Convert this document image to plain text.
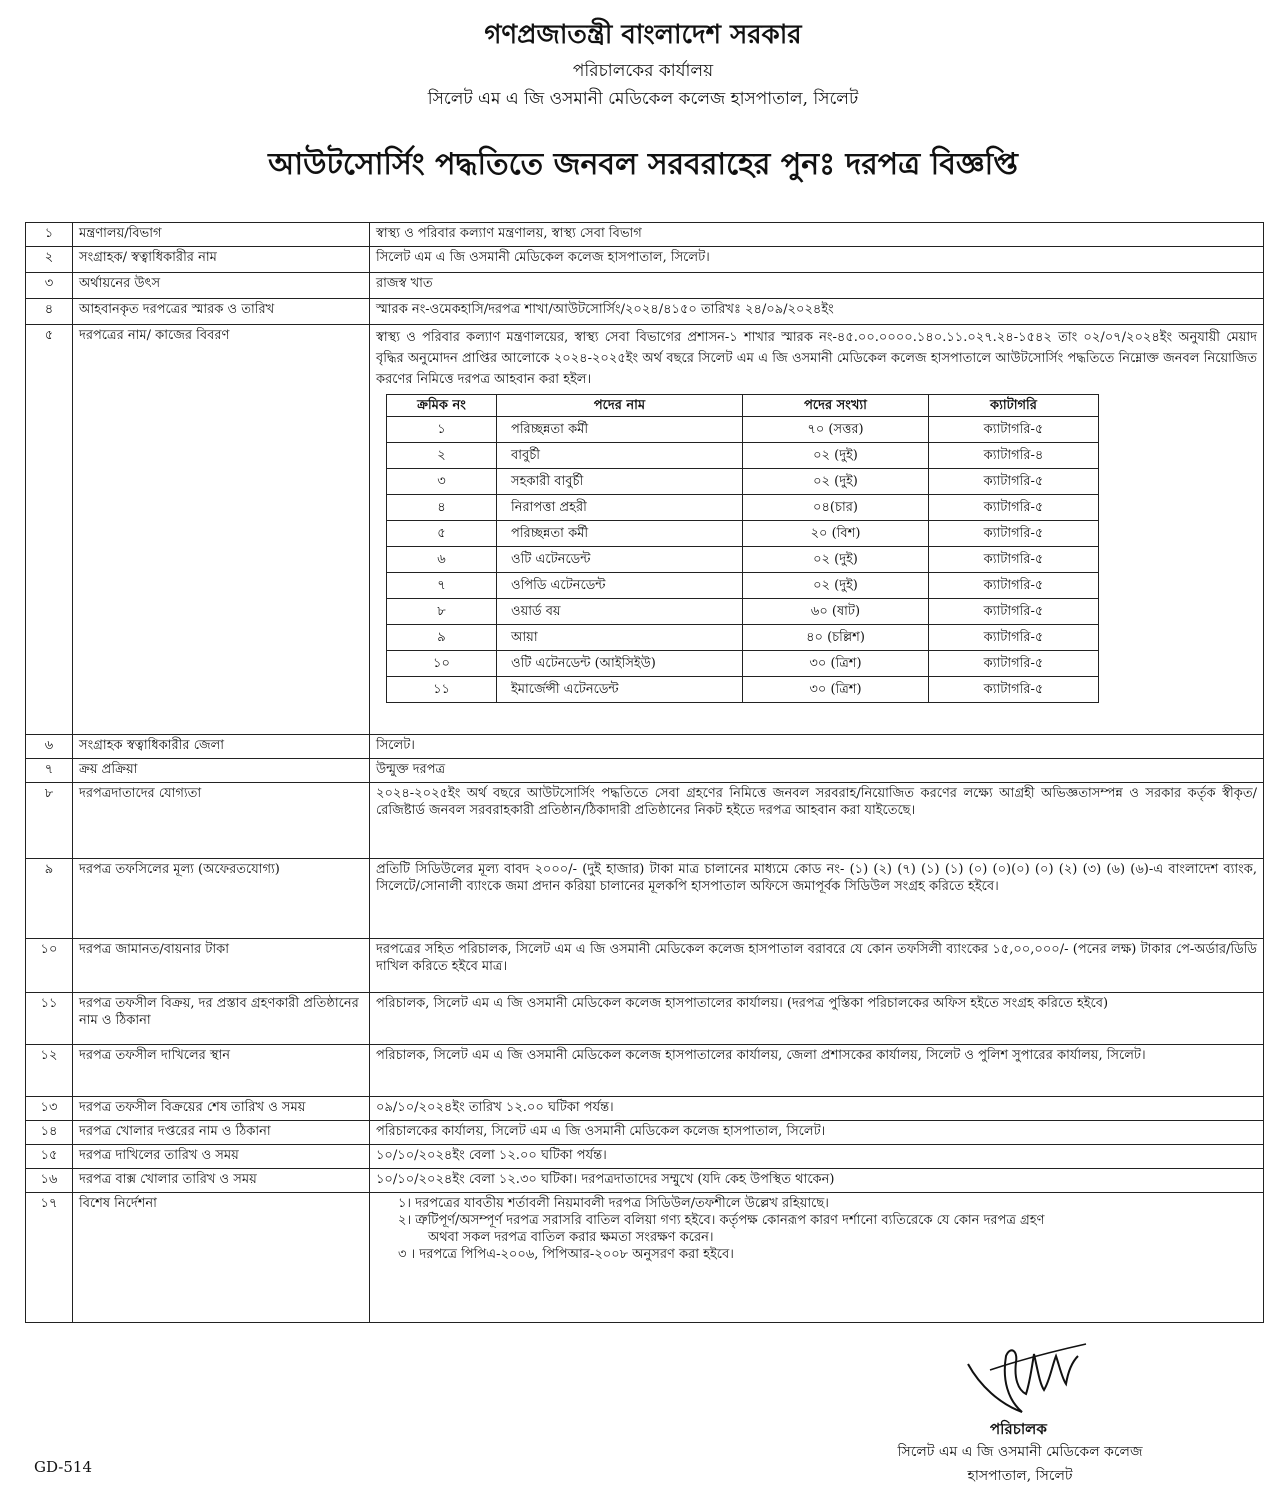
গণপ্রজাতন্ত্রী বাংলাদেশ সরকার
পরিচালকের কার্যালয়
সিলেট এম এ জি ওসমানী মেডিকেল কলেজ হাসপাতাল, সিলেট
আউটসোর্সিং পদ্ধতিতে জনবল সরবরাহের পুনঃ দরপত্র বিজ্ঞপ্তি
১	মন্ত্রণালয়/বিভাগ	স্বাস্থ্য ও পরিবার কল্যাণ মন্ত্রণালয়, স্বাস্থ্য সেবা বিভাগ
২	সংগ্রাহক/ স্বত্বাধিকারীর নাম	সিলেট এম এ জি ওসমানী মেডিকেল কলেজ হাসপাতাল, সিলেট।
৩	অর্থায়নের উৎস	রাজস্ব খাত
৪	আহবানকৃত দরপত্রের স্মারক ও তারিখ	স্মারক নং-ওমেকহাসি/দরপত্র শাখা/আউটসোর্সিং/২০২৪/৪১৫০ তারিখঃ ২৪/০৯/২০২৪ইং
৫	দরপত্রের নাম/ কাজের বিবরণ	স্বাস্থ্য ও পরিবার কল্যাণ মন্ত্রণালয়ের, স্বাস্থ্য সেবা বিভাগের প্রশাসন-১ শাখার স্মারক নং-৪৫.০০.০০০০.১৪০.১১.০২৭.২৪-১৫৪২ তাং ০২/০৭/২০২৪ইং অনুযায়ী মেয়াদ বৃদ্ধির অনুমোদন প্রাপ্তির আলোকে ২০২৪-২০২৫ইং অর্থ বছরে সিলেট এম এ জি ওসমানী মেডিকেল কলেজ হাসপাতালে আউটসোর্সিং পদ্ধতিতে নিম্নোক্ত জনবল নিয়োজিত করণের নিমিত্তে দরপত্র আহবান করা হইল।
ক্রমিক নং	পদের নাম	পদের সংখ্যা	ক্যাটাগরি
১	পরিচ্ছন্নতা কর্মী	৭০ (সত্তর)	ক্যাটাগরি-৫
২	বাবুর্চী	০২ (দুই)	ক্যাটাগরি-৪
৩	সহকারী বাবুর্চী	০২ (দুই)	ক্যাটাগরি-৫
৪	নিরাপত্তা প্রহরী	০৪(চার)	ক্যাটাগরি-৫
৫	পরিচ্ছন্নতা কর্মী	২০ (বিশ)	ক্যাটাগরি-৫
৬	ওটি এটেনডেন্ট	০২ (দুই)	ক্যাটাগরি-৫
৭	ওপিডি এটেনডেন্ট	০২ (দুই)	ক্যাটাগরি-৫
৮	ওয়ার্ড বয়	৬০ (ষাট)	ক্যাটাগরি-৫
৯	আয়া	৪০ (চল্লিশ)	ক্যাটাগরি-৫
১০	ওটি এটেনডেন্ট (আইসিইউ)	৩০ (ত্রিশ)	ক্যাটাগরি-৫
১১	ইমার্জেন্সী এটেনডেন্ট	৩০ (ত্রিশ)	ক্যাটাগরি-৫

৬	সংগ্রাহক স্বত্বাধিকারীর জেলা	সিলেট।
৭	ক্রয় প্রক্রিয়া	উন্মুক্ত দরপত্র
৮	দরপত্রদাতাদের যোগ্যতা	২০২৪-২০২৫ইং অর্থ বছরে আউটসোর্সিং পদ্ধতিতে সেবা গ্রহণের নিমিত্তে জনবল সরবরাহ/নিয়োজিত করণের লক্ষ্যে আগ্রহী অভিজ্ঞতাসম্পন্ন ও সরকার কর্তৃক স্বীকৃত/রেজিষ্টার্ড জনবল সরবরাহকারী প্রতিষ্ঠান/ঠিকাদারী প্রতিষ্ঠানের নিকট হইতে দরপত্র আহবান করা যাইতেছে।
৯	দরপত্র তফসিলের মূল্য (অফেরতযোগ্য)	প্রতিটি সিডিউলের মূল্য বাবদ ২০০০/- (দুই হাজার) টাকা মাত্র চালানের মাধ্যমে কোড নং- (১) (২) (৭) (১) (১) (০) (০)(০) (০) (২) (৩) (৬) (৬)-এ বাংলাদেশ ব্যাংক, সিলেটে/সোনালী ব্যাংকে জমা প্রদান করিয়া চালানের মূলকপি হাসপাতাল অফিসে জমাপূর্বক সিডিউল সংগ্রহ করিতে হইবে।
১০	দরপত্র জামানত/বায়নার টাকা	দরপত্রের সহিত পরিচালক, সিলেট এম এ জি ওসমানী মেডিকেল কলেজ হাসপাতাল বরাবরে যে কোন তফসিলী ব্যাংকের ১৫,০০,০০০/- (পনের লক্ষ) টাকার পে-অর্ডার/ডিডি দাখিল করিতে হইবে মাত্র।
১১	দরপত্র তফসীল বিক্রয়, দর প্রস্তাব গ্রহণকারী প্রতিষ্ঠানের নাম ও ঠিকানা	পরিচালক, সিলেট এম এ জি ওসমানী মেডিকেল কলেজ হাসপাতালের কার্যালয়। (দরপত্র পুস্তিকা পরিচালকের অফিস হইতে সংগ্রহ করিতে হইবে)
১২	দরপত্র তফসীল দাখিলের স্থান	পরিচালক, সিলেট এম এ জি ওসমানী মেডিকেল কলেজ হাসপাতালের কার্যালয়, জেলা প্রশাসকের কার্যালয়, সিলেট ও পুলিশ সুপারের কার্যালয়, সিলেট।
১৩	দরপত্র তফসীল বিক্রয়ের শেষ তারিখ ও সময়	০৯/১০/২০২৪ইং তারিখ ১২.০০ ঘটিকা পর্যন্ত।
১৪	দরপত্র খোলার দপ্তরের নাম ও ঠিকানা	পরিচালকের কার্যালয়, সিলেট এম এ জি ওসমানী মেডিকেল কলেজ হাসপাতাল, সিলেট।
১৫	দরপত্র দাখিলের তারিখ ও সময়	১০/১০/২০২৪ইং বেলা ১২.০০ ঘটিকা পর্যন্ত।
১৬	দরপত্র বাক্স খোলার তারিখ ও সময়	১০/১০/২০২৪ইং বেলা ১২.৩০ ঘটিকা। দরপত্রদাতাদের সম্মুখে (যদি কেহ উপস্থিত থাকেন)
১৭	বিশেষ নির্দেশনা	১। দরপত্রের যাবতীয় শর্তাবলী নিয়মাবলী দরপত্র সিডিউল/তফশীলে উল্লেখ রহিয়াছে।
২। ত্রুটিপূর্ণ/অসম্পূর্ণ দরপত্র সরাসরি বাতিল বলিয়া গণ্য হইবে। কর্তৃপক্ষ কোনরূপ কারণ দর্শানো ব্যতিরেকে যে কোন দরপত্র গ্রহণ
অথবা সকল দরপত্র বাতিল করার ক্ষমতা সংরক্ষণ করেন।
৩ । দরপত্রে পিপিএ-২০০৬, পিপিআর-২০০৮ অনুসরণ করা হইবে।
পরিচালক
সিলেট এম এ জি ওসমানী মেডিকেল কলেজ
হাসপাতাল, সিলেট
GD-514
